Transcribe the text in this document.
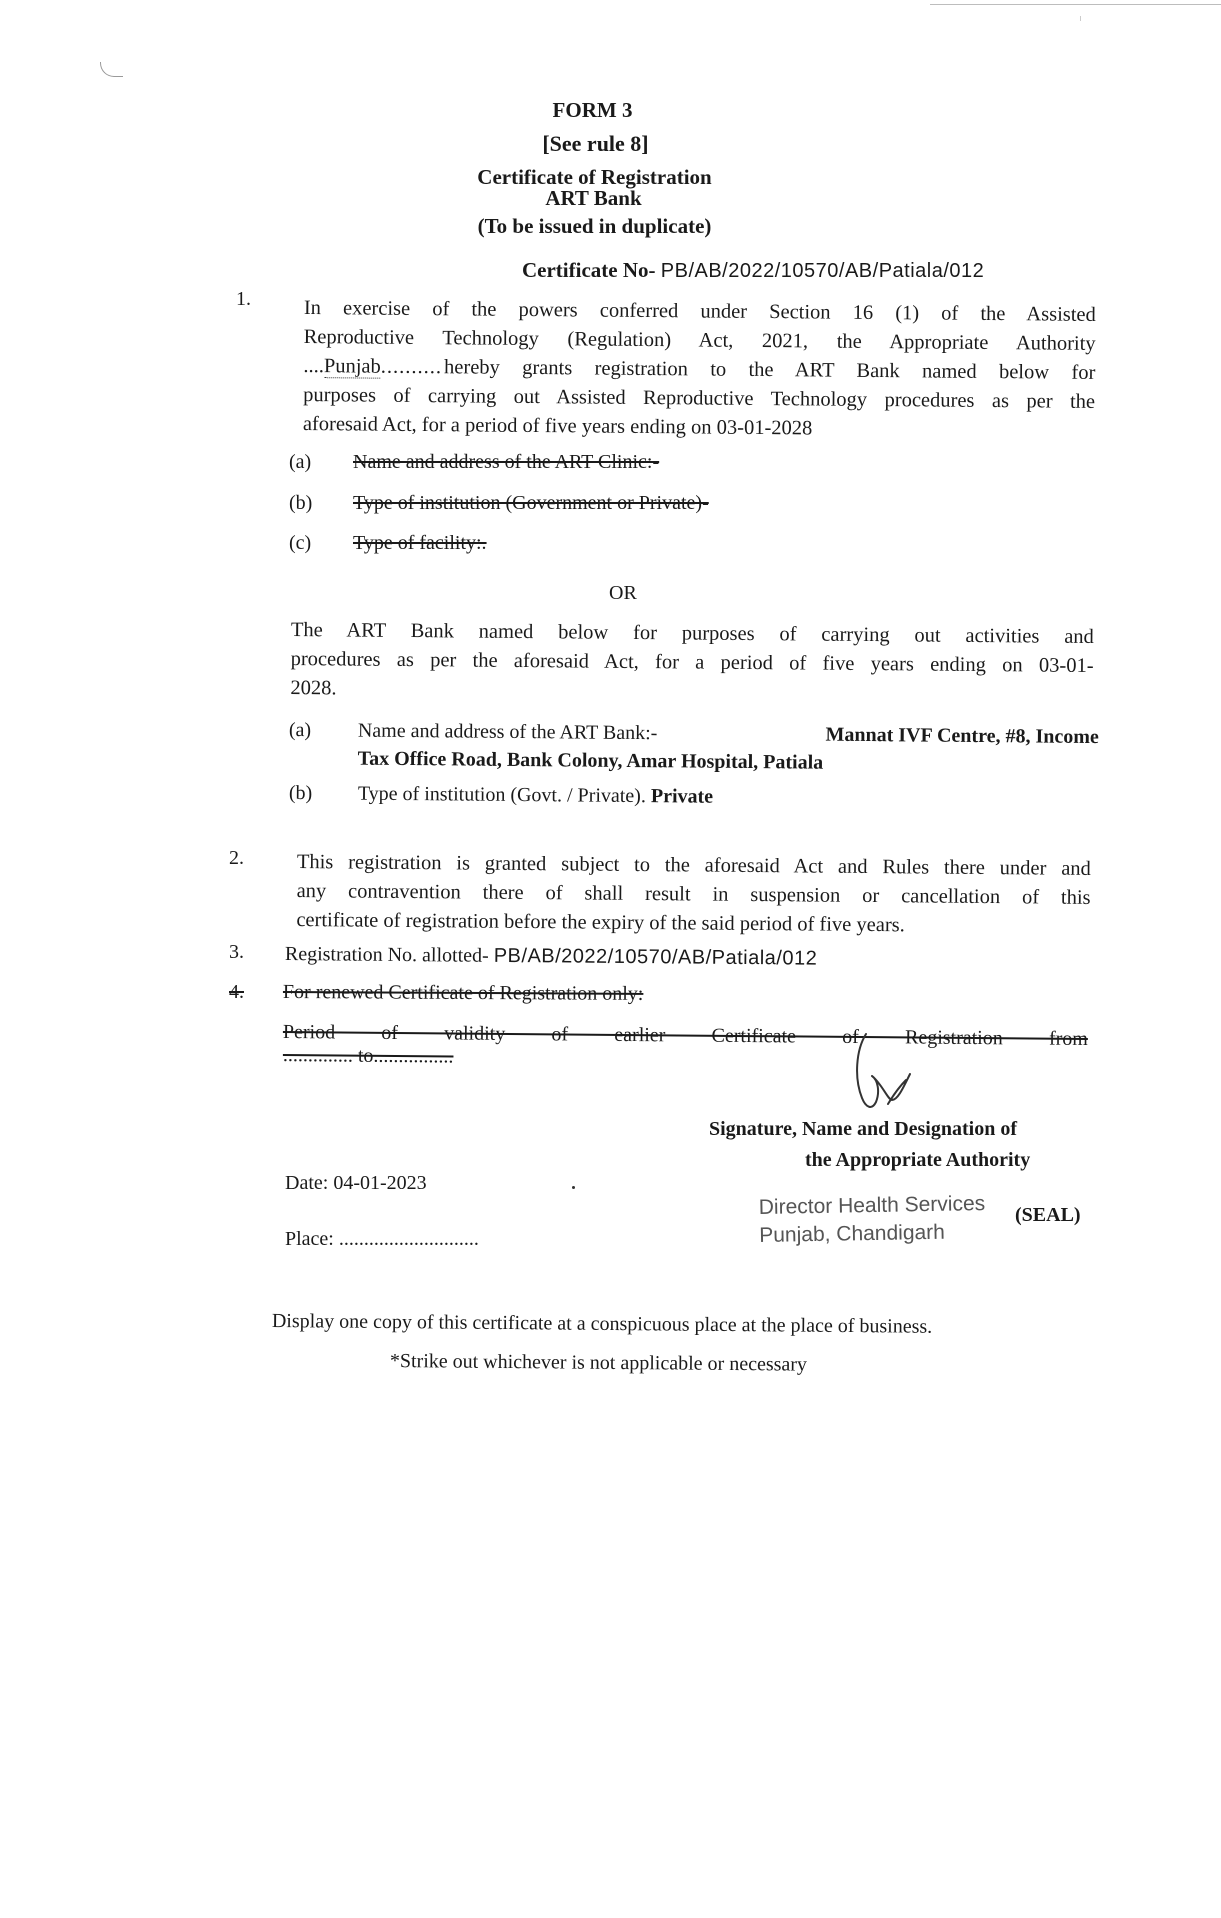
FORM 3
[See rule 8]
Certificate of Registration
ART Bank
(To be issued in duplicate)
Certificate No- PB/AB/2022/10570/AB/Patiala/012
1.	In exercise of the powers conferred under Section 16 (1) of the Assisted
Reproductive Technology (Regulation) Act, 2021, the Appropriate Authority
....Punjab.......... hereby grants registration to the ART Bank named below for
purposes of carrying out Assisted Reproductive Technology procedures as per the
aforesaid Act, for a period of five years ending on 03-01-2028
(a) Name and address of the ART Clinic:-
(b) Type of institution (Government or Private)-
(c) Type of facility:.
OR
The ART Bank named below for purposes of carrying out activities and
procedures as per the aforesaid Act, for a period of five years ending on 03-01-
2028.
(a) Name and address of the ART Bank:-	Mannat IVF Centre, #8, Income
Tax Office Road, Bank Colony, Amar Hospital, Patiala
(b) Type of institution (Govt. / Private). Private
2.	This registration is granted subject to the aforesaid Act and Rules there under and
any contravention there of shall result in suspension or cancellation of this
certificate of registration before the expiry of the said period of five years.
3. Registration No. allotted- PB/AB/2022/10570/AB/Patiala/012
4. For renewed Certificate of Registration only:
Period of validity of earlier Certificate of Registration from
.............. to................
Signature, Name and Designation of
the Appropriate Authority
Date: 04-01-2023
Place: ............................
Director Health Services
Punjab, Chandigarh
(SEAL)
Display one copy of this certificate at a conspicuous place at the place of business.
*Strike out whichever is not applicable or necessary
